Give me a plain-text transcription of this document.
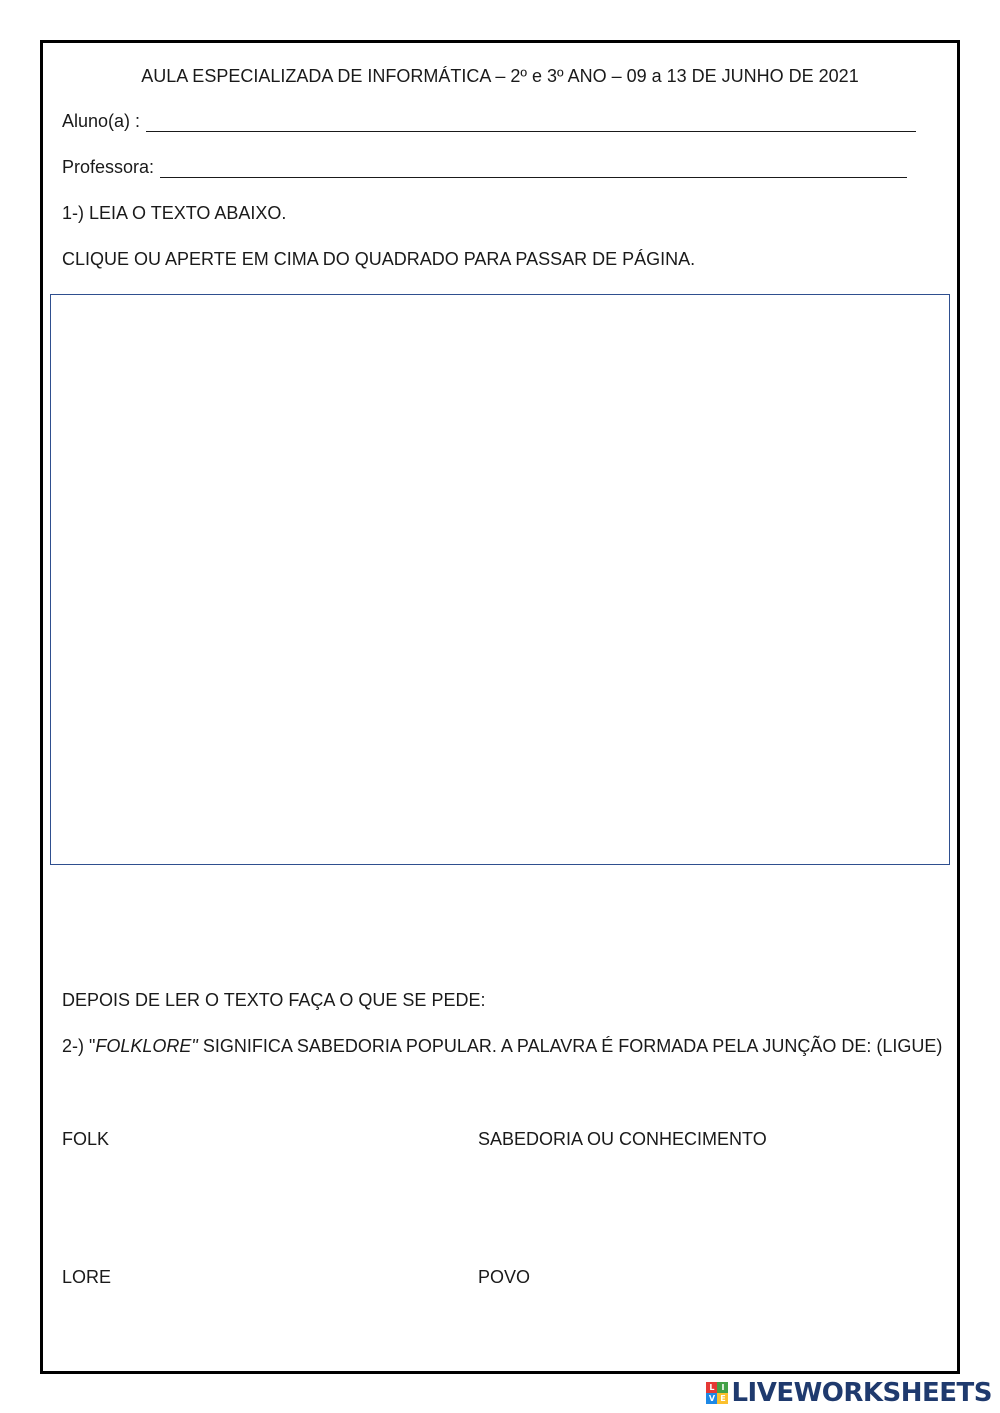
AULA ESPECIALIZADA DE INFORMÁTICA – 2º e 3º ANO – 09 a 13 DE JUNHO DE 2021
Aluno(a) :
Professora:
1-) LEIA O TEXTO ABAIXO.
CLIQUE OU APERTE EM CIMA DO QUADRADO PARA PASSAR DE PÁGINA.
DEPOIS DE LER O TEXTO FAÇA O QUE SE PEDE:
2-) "FOLKLORE" SIGNIFICA SABEDORIA POPULAR. A PALAVRA É FORMADA PELA JUNÇÃO DE: (LIGUE)
FOLK	SABEDORIA OU CONHECIMENTO
LORE	POVO
L I
V E LIVEWORKSHEETS
